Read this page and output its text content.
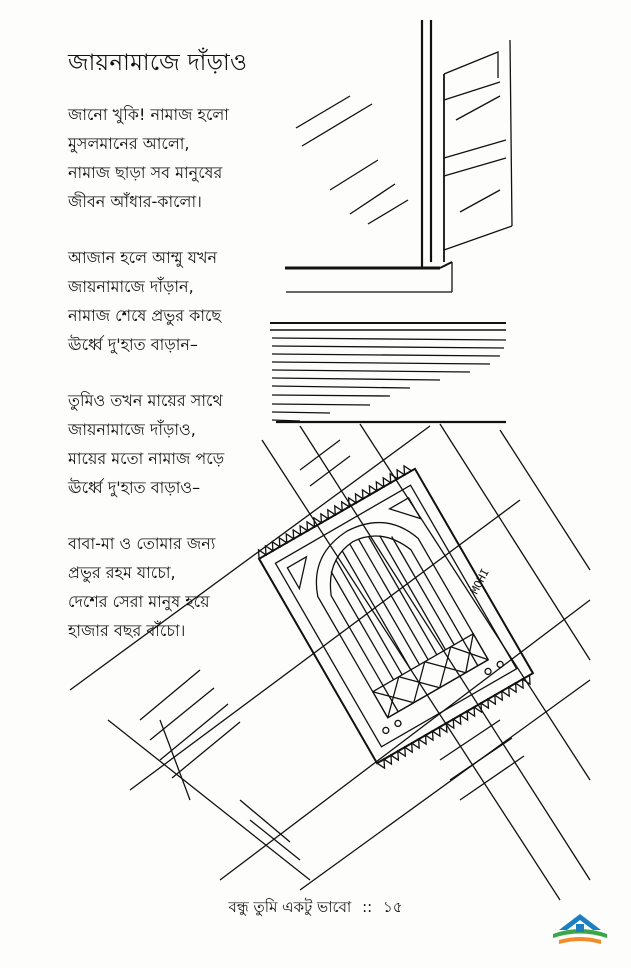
জায়নামাজে দাঁড়াও

জানো খুকি! নামাজ হলো
মুসলমানের আলো,
নামাজ ছাড়া সব মানুষের
জীবন আঁধার-কালো।

আজান হলে আম্মু যখন
জায়নামাজে দাঁড়ান,
নামাজ শেষে প্রভুর কাছে
ঊর্ধ্বে দু'হাত বাড়ান–

তুমিও তখন মায়ের সাথে
জায়নামাজে দাঁড়াও,
মায়ের মতো নামাজ পড়ে
ঊর্ধ্বে দু'হাত বাড়াও–

বাবা-মা ও তোমার জন্য
প্রভুর রহম যাচো,
দেশের সেরা মানুষ হয়ে
হাজার বছর বাঁচো।

MOHI
বন্ধু তুমি একটু ভাবো :: ১৫
